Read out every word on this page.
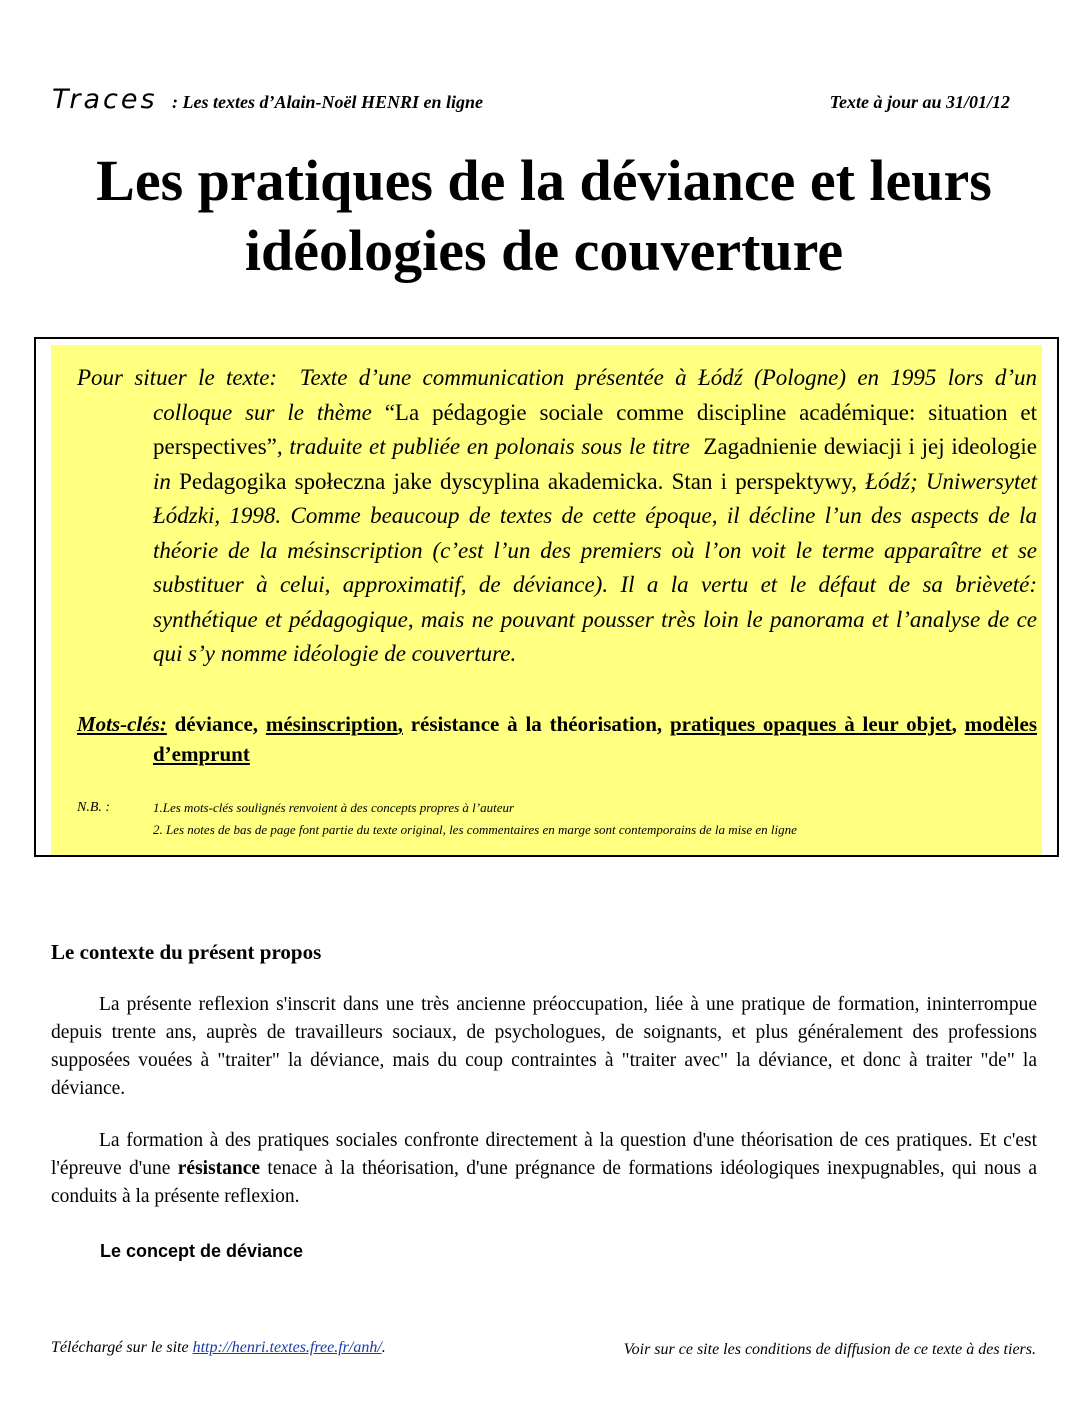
Traces : Les textes d’Alain-Noël HENRI en ligne	Texte à jour au 31/01/12
Les pratiques de la déviance et leurs
idéologies de couverture
Pour situer le texte: Texte d’une communication présentée à Łódź (Pologne) en 1995 lors d’un colloque sur le thème “La pédagogie sociale comme discipline académique: situation et perspectives”, traduite et publiée en polonais sous le titre Zagadnienie dewiacji i jej ideologie in Pedagogika społeczna jake dyscyplina akademicka. Stan i perspektywy, Łódź; Uniwersytet Łódzki, 1998. Comme beaucoup de textes de cette époque, il décline l’un des aspects de la théorie de la mésinscription (c’est l’un des premiers où l’on voit le terme apparaître et se substituer à celui, approximatif, de déviance). Il a la vertu et le défaut de sa brièveté: synthétique et pédagogique, mais ne pouvant pousser très loin le panorama et l’analyse de ce qui s’y nomme idéologie de couverture.
Mots-clés: déviance, mésinscription, résistance à la théorisation, pratiques opaques à leur objet, modèles d’emprunt
N.B. :	1.Les mots-clés soulignés renvoient à des concepts propres à l’auteur
2. Les notes de bas de page font partie du texte original, les commentaires en marge sont contemporains de la mise en ligne
Le contexte du présent propos
La présente reflexion s'inscrit dans une très ancienne préoccupation, liée à une pratique de formation, ininterrompue depuis trente ans, auprès de travailleurs sociaux, de psychologues, de soignants, et plus généralement des professions supposées vouées à "traiter" la déviance, mais du coup contraintes à "traiter avec" la déviance, et donc à traiter "de" la déviance.
La formation à des pratiques sociales confronte directement à la question d'une théorisation de ces pratiques. Et c'est l'épreuve d'une résistance tenace à la théorisation, d'une prégnance de formations idéologiques inexpugnables, qui nous a conduits à la présente reflexion.
Le concept de déviance
Téléchargé sur le site http://henri.textes.free.fr/anh/.	Voir sur ce site les conditions de diffusion de ce texte à des tiers.
